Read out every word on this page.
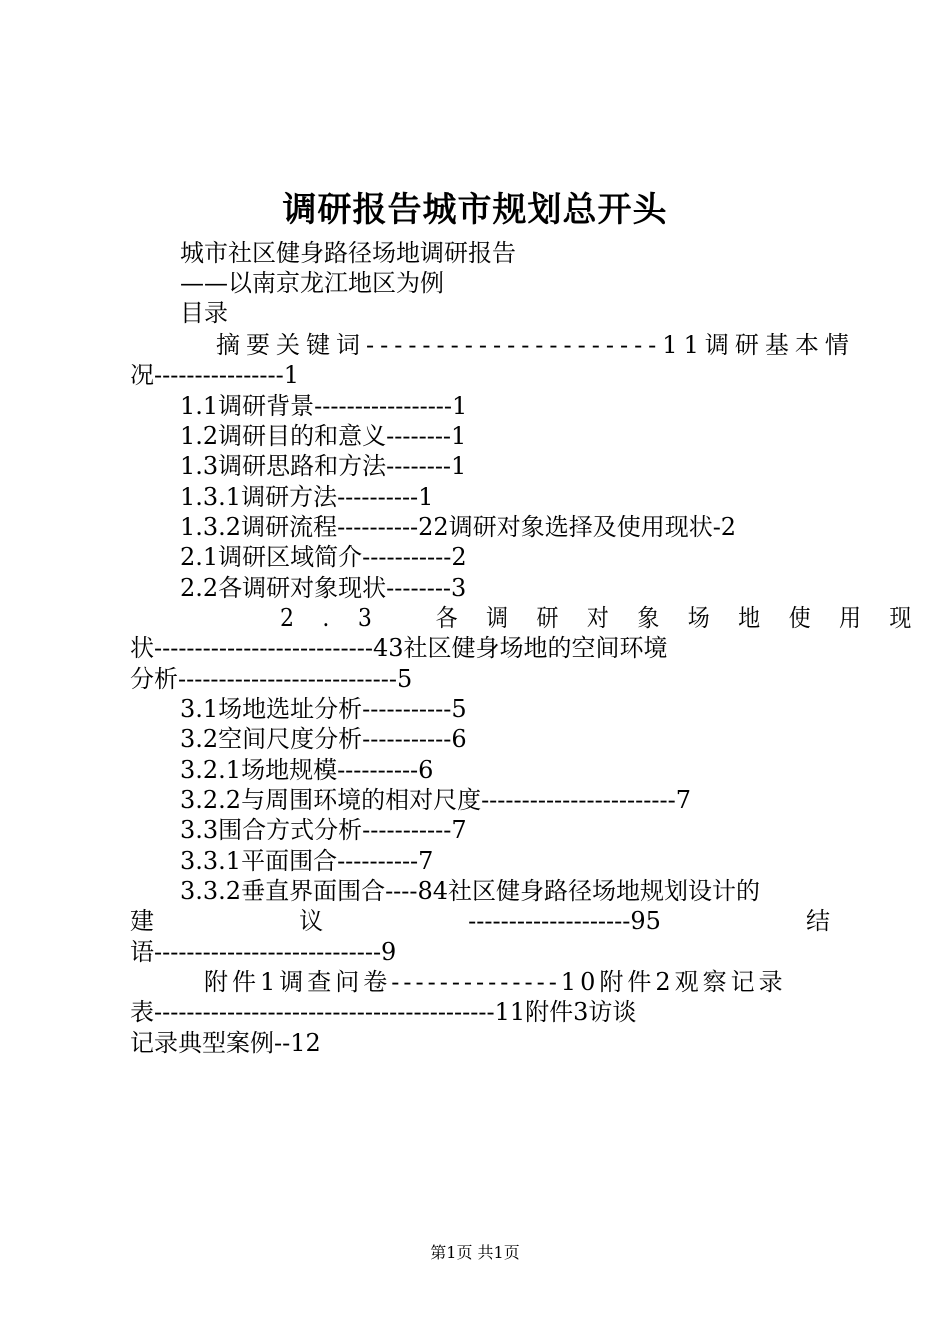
调研报告城市规划总开头
城市社区健身路径场地调研报告
——以南京龙江地区为例
目录
摘要关键词---------------------11调研基本情
况----------------1
1.1调研背景-----------------1
1.2调研目的和意义--------1
1.3调研思路和方法--------1
1.3.1调研方法----------1
1.3.2调研流程----------22调研对象选择及使用现状-2
2.1调研区域简介-----------2
2.2各调研对象现状--------3
2.3 各调研对象场地使用现
状---------------------------43社区健身场地的空间环境
分析---------------------------5
3.1场地选址分析-----------5
3.2空间尺度分析-----------6
3.2.1场地规模----------6
3.2.2与周围环境的相对尺度------------------------7
3.3围合方式分析-----------7
3.3.1平面围合----------7
3.3.2垂直界面围合----84社区健身路径场地规划设计的
建议--------------------95结
语----------------------------9
附件1调查问卷--------------10附件2观察记录
表------------------------------------------11附件3访谈
记录典型案例--12
第1页 共1页
